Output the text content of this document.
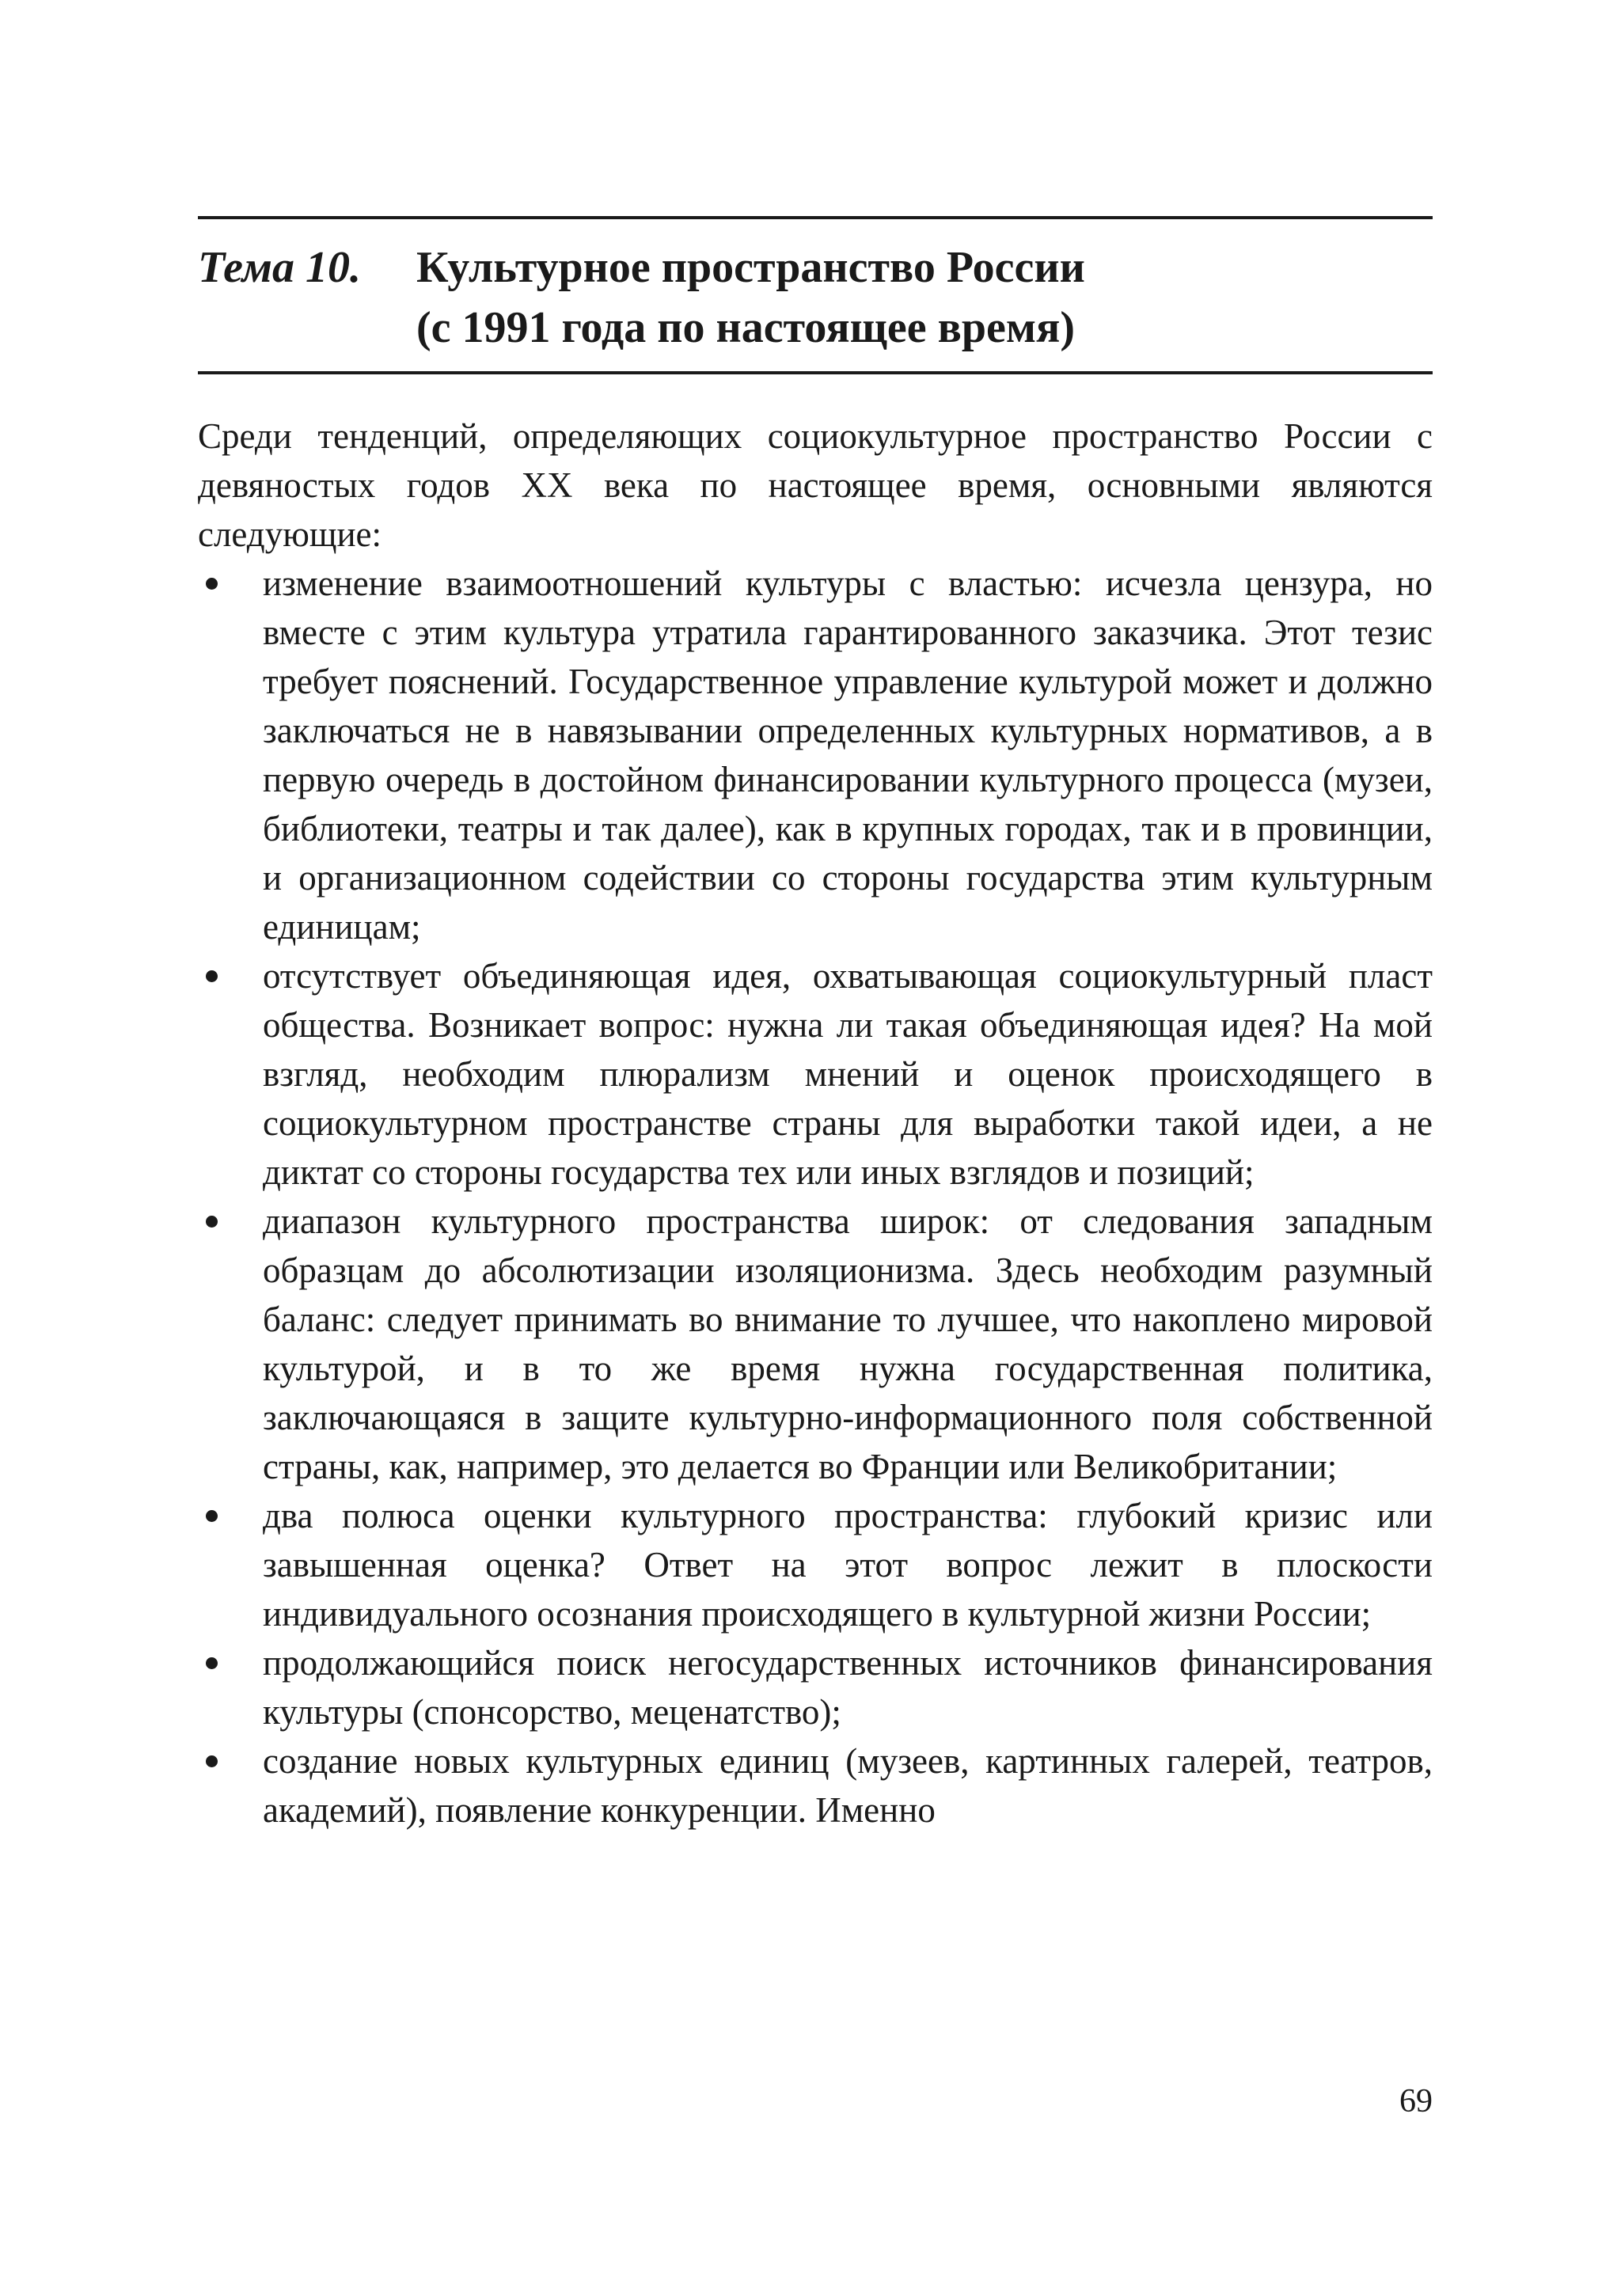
Тема 10. Культурное пространство России
(с 1991 года по настоящее время)

Среди тенденций, определяющих социокультурное пространство России с девяностых годов XX века по настоящее время, основными являются следующие:

изменение взаимоотношений культуры с властью: исчезла цензура, но вместе с этим культура утратила гарантированного заказчика. Этот тезис требует пояснений. Государственное управление культурой может и должно заключаться не в навязывании определенных культурных нормативов, а в первую очередь в достойном финансировании культурного процесса (музеи, библиотеки, театры и так далее), как в крупных городах, так и в провинции, и организационном содействии со стороны государства этим культурным единицам;
отсутствует объединяющая идея, охватывающая социокультурный пласт общества. Возникает вопрос: нужна ли такая объединяющая идея? На мой взгляд, необходим плюрализм мнений и оценок происходящего в социокультурном пространстве страны для выработки такой идеи, а не диктат со стороны государства тех или иных взглядов и позиций;
диапазон культурного пространства широк: от следования западным образцам до абсолютизации изоляционизма. Здесь необходим разумный баланс: следует принимать во внимание то лучшее, что накоплено мировой культурой, и в то же время нужна государственная политика, заключающаяся в защите культурно-информационного поля собственной страны, как, например, это делается во Франции или Великобритании;
два полюса оценки культурного пространства: глубокий кризис или завышенная оценка? Ответ на этот вопрос лежит в плоскости индивидуального осознания происходящего в культурной жизни России;
продолжающийся поиск негосударственных источников финансирования культуры (спонсорство, меценатство);
создание новых культурных единиц (музеев, картинных галерей, театров, академий), появление конкуренции. Именно
69
